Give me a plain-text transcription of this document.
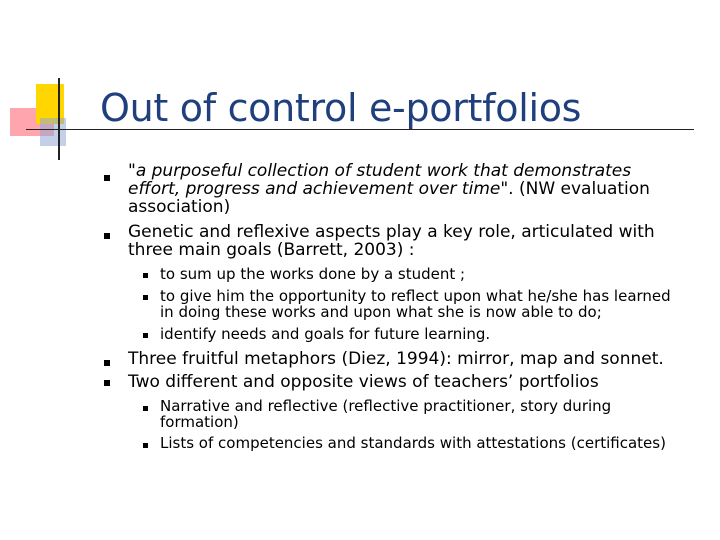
Out of control e-portfolios
"a purposeful collection of student work that demonstrates
effort, progress and achievement over time". (NW evaluation
association)
Genetic and reflexive aspects play a key role, articulated with
three main goals (Barrett, 2003) :
to sum up the works done by a student ;
to give him the opportunity to reflect upon what he/she has learned
in doing these works and upon what she is now able to do;
identify needs and goals for future learning.
Three fruitful metaphors (Diez, 1994): mirror, map and sonnet.
Two different and opposite views of teachers’ portfolios
Narrative and reflective (reflective practitioner, story during
formation)
Lists of competencies and standards with attestations (certificates)
